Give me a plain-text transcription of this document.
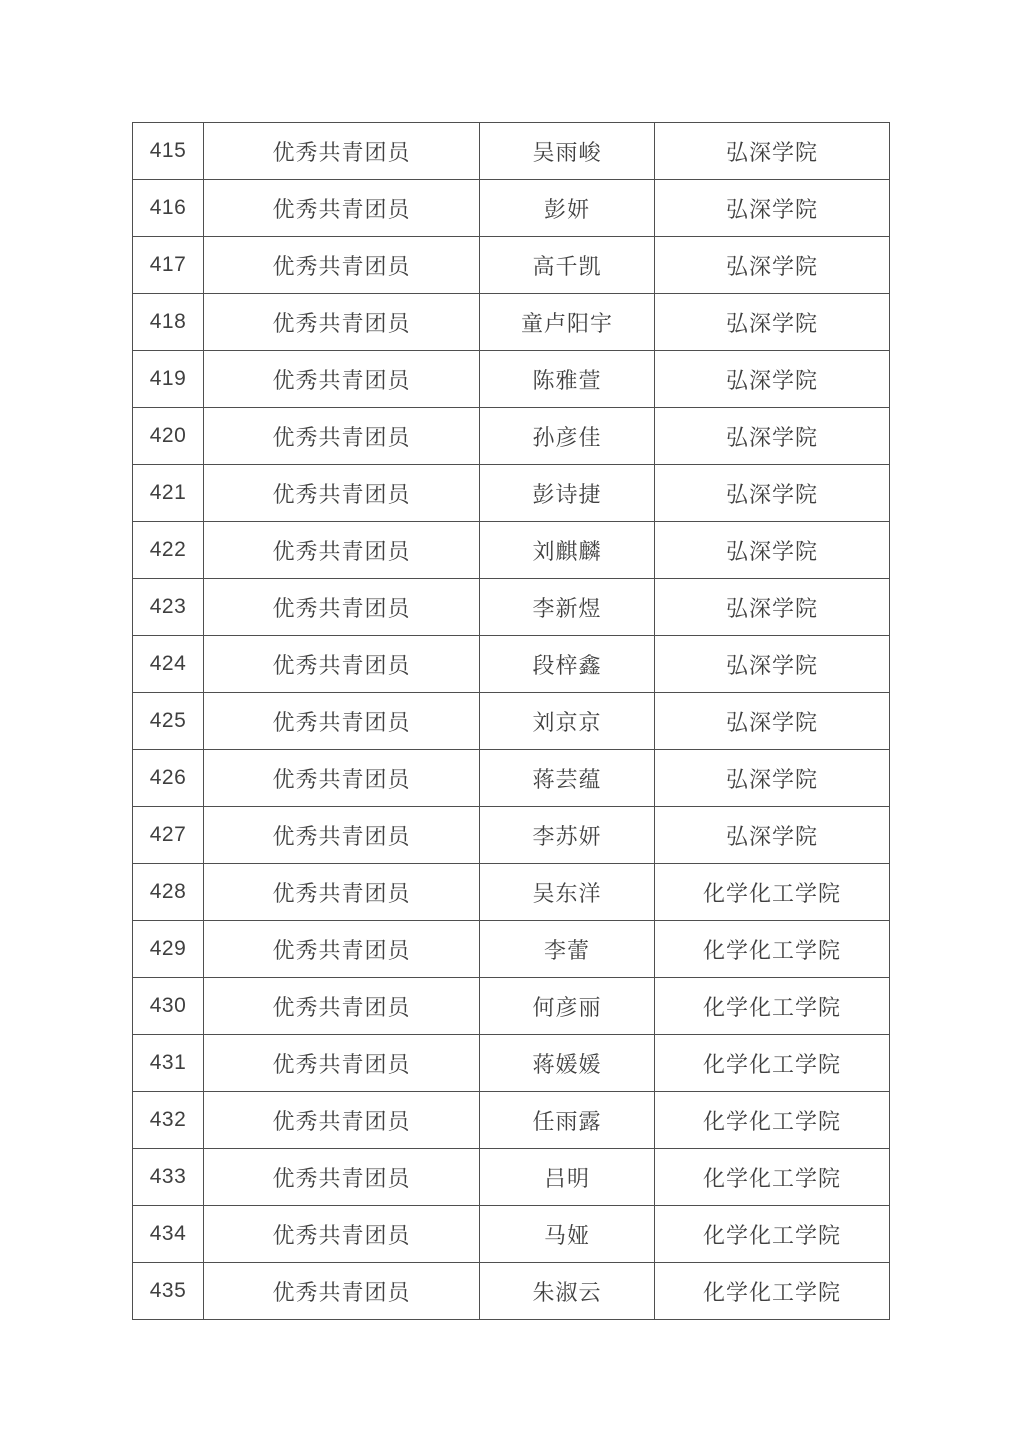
415	优秀共青团员	吴雨峻	弘深学院
416	优秀共青团员	彭妍	弘深学院
417	优秀共青团员	高千凯	弘深学院
418	优秀共青团员	童卢阳宇	弘深学院
419	优秀共青团员	陈雅萱	弘深学院
420	优秀共青团员	孙彦佳	弘深学院
421	优秀共青团员	彭诗捷	弘深学院
422	优秀共青团员	刘麒麟	弘深学院
423	优秀共青团员	李新煜	弘深学院
424	优秀共青团员	段梓鑫	弘深学院
425	优秀共青团员	刘京京	弘深学院
426	优秀共青团员	蒋芸蕴	弘深学院
427	优秀共青团员	李苏妍	弘深学院
428	优秀共青团员	吴东洋	化学化工学院
429	优秀共青团员	李蕾	化学化工学院
430	优秀共青团员	何彦丽	化学化工学院
431	优秀共青团员	蒋媛媛	化学化工学院
432	优秀共青团员	任雨露	化学化工学院
433	优秀共青团员	吕明	化学化工学院
434	优秀共青团员	马娅	化学化工学院
435	优秀共青团员	朱淑云	化学化工学院
